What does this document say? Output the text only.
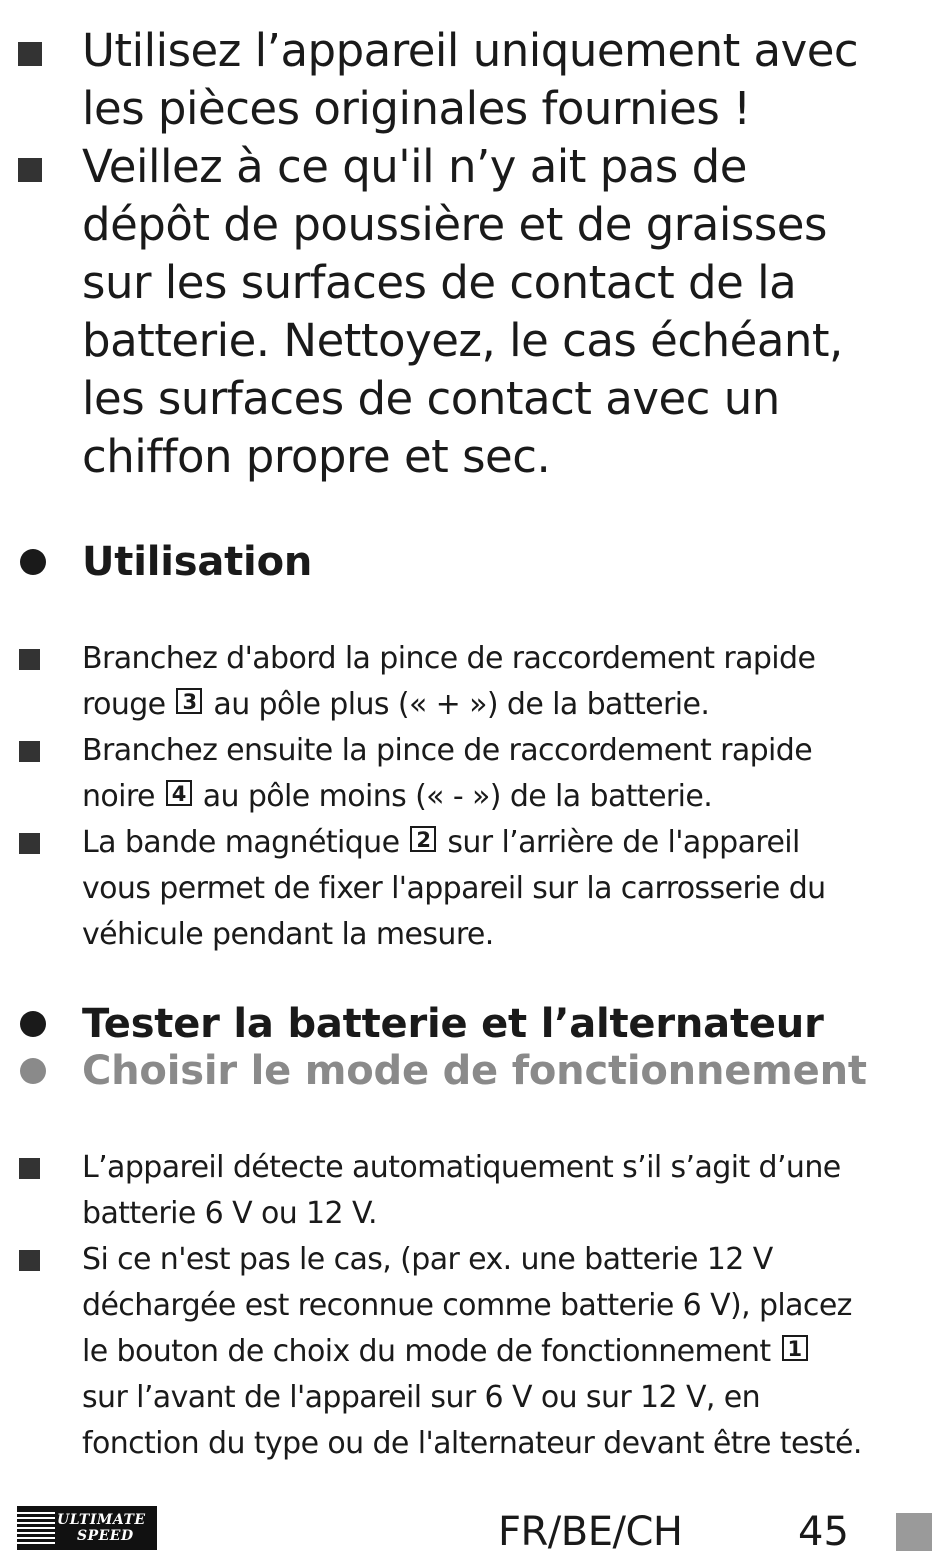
Utilisez l’appareil uniquement avec
les pièces originales fournies !
Veillez à ce qu'il n’y ait pas de
dépôt de poussière et de graisses
sur les surfaces de contact de la
batterie. Nettoyez, le cas échéant,
les surfaces de contact avec un
chiffon propre et sec.
Utilisation
Branchez d'abord la pince de raccordement rapide
rouge 3 au pôle plus (« + ») de la batterie.
Branchez ensuite la pince de raccordement rapide
noire 4 au pôle moins (« - ») de la batterie.
La bande magnétique 2 sur l’arrière de l'appareil
vous permet de fixer l'appareil sur la carrosserie du
véhicule pendant la mesure.
Tester la batterie et l’alternateur
Choisir le mode de fonctionnement
L’appareil détecte automatiquement s’il s’agit d’une
batterie 6 V ou 12 V.
Si ce n'est pas le cas, (par ex. une batterie 12 V
déchargée est reconnue comme batterie 6 V), placez
le bouton de choix du mode de fonctionnement 1
sur l’avant de l'appareil sur 6 V ou sur 12 V, en
fonction du type ou de l'alternateur devant être testé.
ULTIMATE
SPEED	FR/BE/CH	45
